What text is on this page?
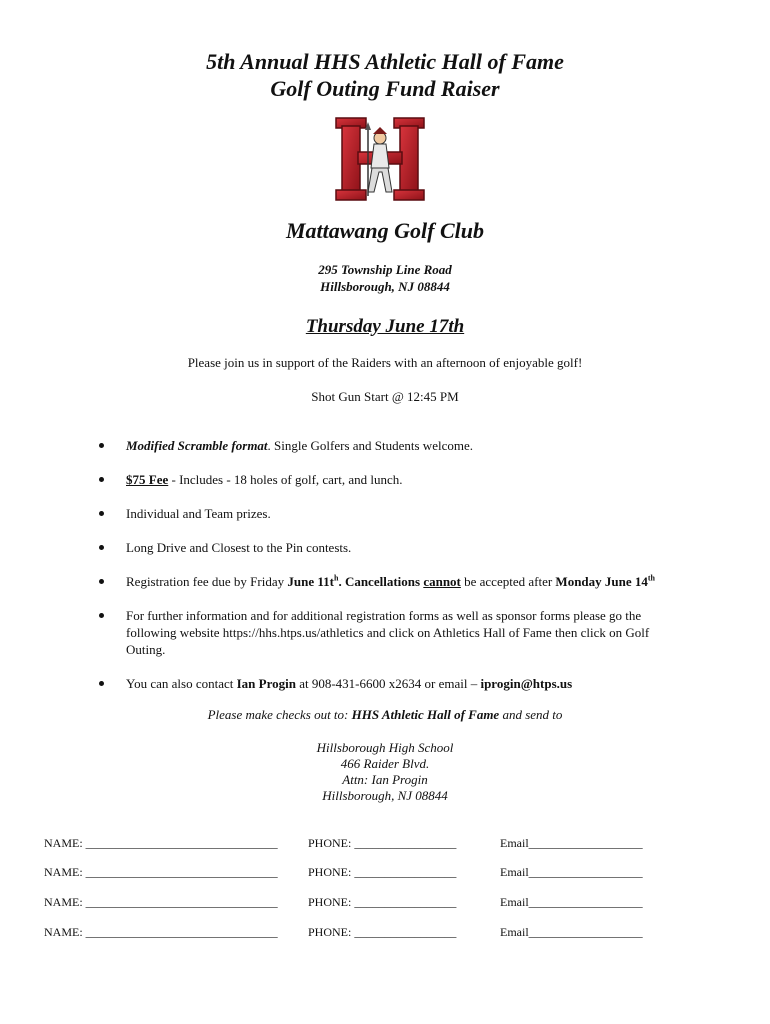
5th Annual HHS Athletic Hall of Fame
Golf Outing Fund Raiser
Mattawang Golf Club
295 Township Line Road
Hillsborough, NJ 08844
Thursday June 17th
Please join us in support of the Raiders with an afternoon of enjoyable golf!
Shot Gun Start @ 12:45 PM
Modified Scramble format. Single Golfers and Students welcome.
$75 Fee - Includes - 18 holes of golf, cart, and lunch.
Individual and Team prizes.
Long Drive and Closest to the Pin contests.
Registration fee due by Friday June $11t^h$. Cancellations cannot be accepted after Monday June 14th
For further information and for additional registration forms as well as sponsor forms please go the following website https://hhs.htps.us/athletics and click on Athletics Hall of Fame then click on Golf Outing.
You can also contact Ian Progin at 908-431-6600 x2634 or email – iprogin@htps.us
Please make checks out to: HHS Athletic Hall of Fame and send to
Hillsborough High School
466 Raider Blvd.
Attn: Ian Progin
Hillsborough, NJ 08844
NAME: ________________________________	PHONE: _________________	Email___________________
NAME: ________________________________	PHONE: _________________	Email___________________
NAME: ________________________________	PHONE: _________________	Email___________________
NAME: ________________________________	PHONE: _________________	Email___________________
